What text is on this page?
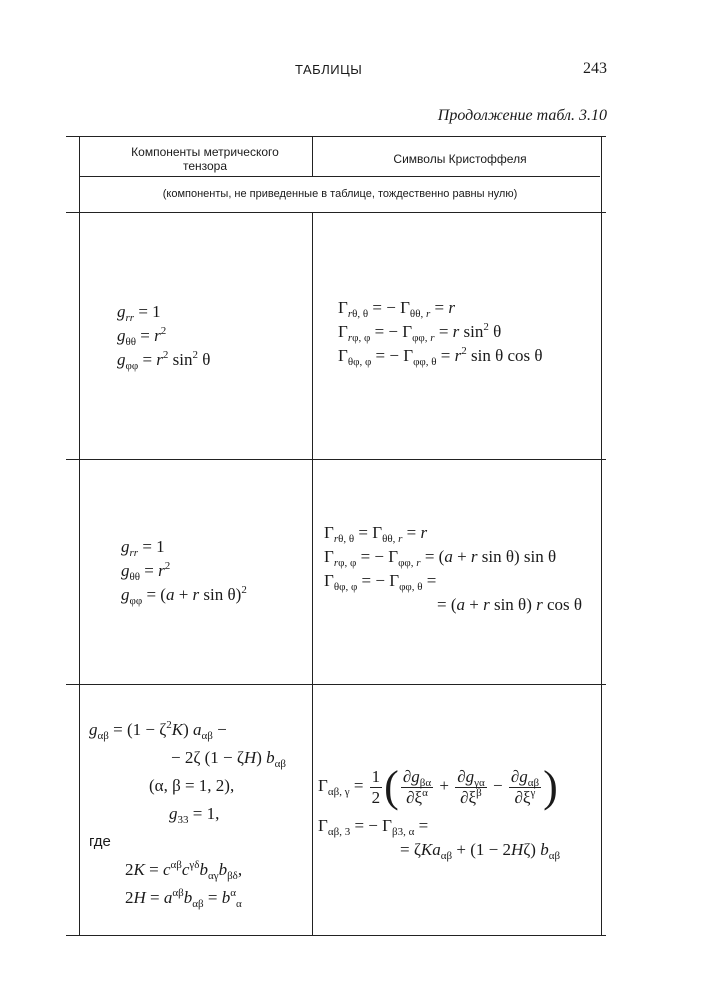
ТАБЛИЦЫ	243
Продолжение табл. 3.10
Компоненты метрического тензора	Символы Кристоффеля
(компоненты, не приведенные в таблице, тождественно равны нулю)
$g_{rr} = 1$
$g_{\theta\theta} = r^2$
$g_{\varphi\varphi} = r^2$ $\sin^2 \theta$
$\Gamma_{r\theta, \theta}$ = − $\Gamma_{\theta\theta, r} = r$
$\Gamma_{r\varphi, \varphi}$ = − $\Gamma_{\varphi\varphi, r} = r$ $\sin^2 \theta$
$\Gamma_{\theta\varphi, \varphi}$ = − $\Gamma_{\varphi\varphi, \theta} = r^2$ sin θ cos θ
$g_{rr} = 1$
$g_{\theta\theta} = r^2$
$g_{\varphi\varphi} = (a + r$ sin θ)$^2$
$\Gamma_{r\theta, \theta} = \Gamma_{\theta\theta, r} = r$
$\Gamma_{r\varphi, \varphi}$ = − $\Gamma_{\varphi\varphi, r} = (a + r$ sin θ) sin θ
$\Gamma_{\theta\varphi, \varphi}$ = − $\Gamma_{\varphi\varphi, \theta}$ =
= (a + r sin θ) r cos θ
$g_{\alpha\beta} = (1 - \zeta^2K) a_{\alpha\beta}$ −
− 2ζ (1 − ζH) $b_{\alpha\beta}$
(α, β = 1, 2),
$g_{33} = 1$,
где
$2K = c^{\alpha\beta}c^{\gamma\delta}b_{\alpha\gamma}b_{\beta\delta}$,
$2H = a^{\alpha\beta}b_{\alpha\beta} = b^\alpha_\alpha$
$\Gamma_{\alpha\beta, \gamma} = \frac{1}{2}$ ( $\frac{\partial g_{\beta\alpha}}{\partial\xi^\alpha} + \frac{\partial g_{\gamma\alpha}}{\partial\xi^\beta} - \frac{\partial g_{\alpha\beta}}{\partial\xi^\gamma}$ )
$\Gamma_{\alpha\beta, 3}$ = − $\Gamma_{\beta 3, \alpha}$ =
= ζKa$_{\alpha\beta}$ + (1 − 2Hζ) $b_{\alpha\beta}$
